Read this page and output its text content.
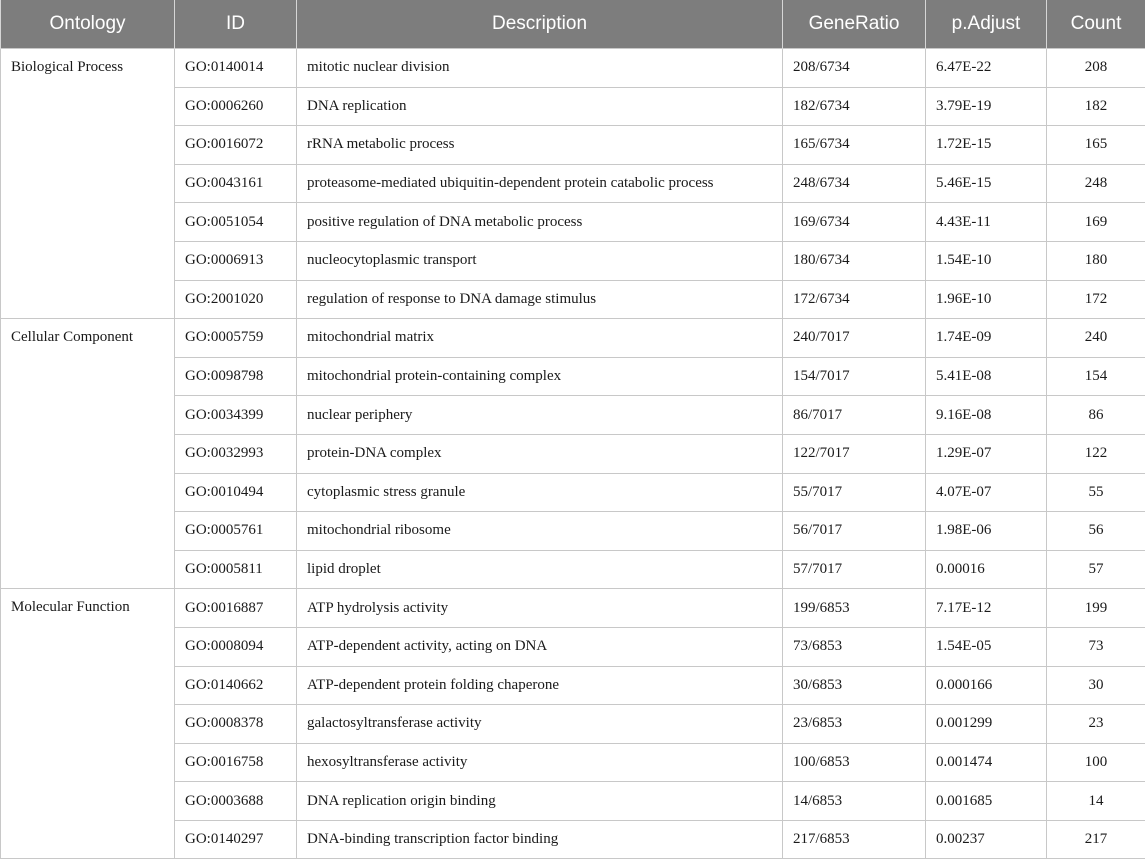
Ontology	ID	Description	GeneRatio	p.Adjust	Count
Biological Process	GO:0140014	mitotic nuclear division	208/6734	6.47E-22	208
	GO:0006260	DNA replication	182/6734	3.79E-19	182
	GO:0016072	rRNA metabolic process	165/6734	1.72E-15	165
	GO:0043161	proteasome-mediated ubiquitin-dependent protein catabolic process	248/6734	5.46E-15	248
	GO:0051054	positive regulation of DNA metabolic process	169/6734	4.43E-11	169
	GO:0006913	nucleocytoplasmic transport	180/6734	1.54E-10	180
	GO:2001020	regulation of response to DNA damage stimulus	172/6734	1.96E-10	172
Cellular Component	GO:0005759	mitochondrial matrix	240/7017	1.74E-09	240
	GO:0098798	mitochondrial protein-containing complex	154/7017	5.41E-08	154
	GO:0034399	nuclear periphery	86/7017	9.16E-08	86
	GO:0032993	protein-DNA complex	122/7017	1.29E-07	122
	GO:0010494	cytoplasmic stress granule	55/7017	4.07E-07	55
	GO:0005761	mitochondrial ribosome	56/7017	1.98E-06	56
	GO:0005811	lipid droplet	57/7017	0.00016	57
Molecular Function	GO:0016887	ATP hydrolysis activity	199/6853	7.17E-12	199
	GO:0008094	ATP-dependent activity, acting on DNA	73/6853	1.54E-05	73
	GO:0140662	ATP-dependent protein folding chaperone	30/6853	0.000166	30
	GO:0008378	galactosyltransferase activity	23/6853	0.001299	23
	GO:0016758	hexosyltransferase activity	100/6853	0.001474	100
	GO:0003688	DNA replication origin binding	14/6853	0.001685	14
	GO:0140297	DNA-binding transcription factor binding	217/6853	0.00237	217
